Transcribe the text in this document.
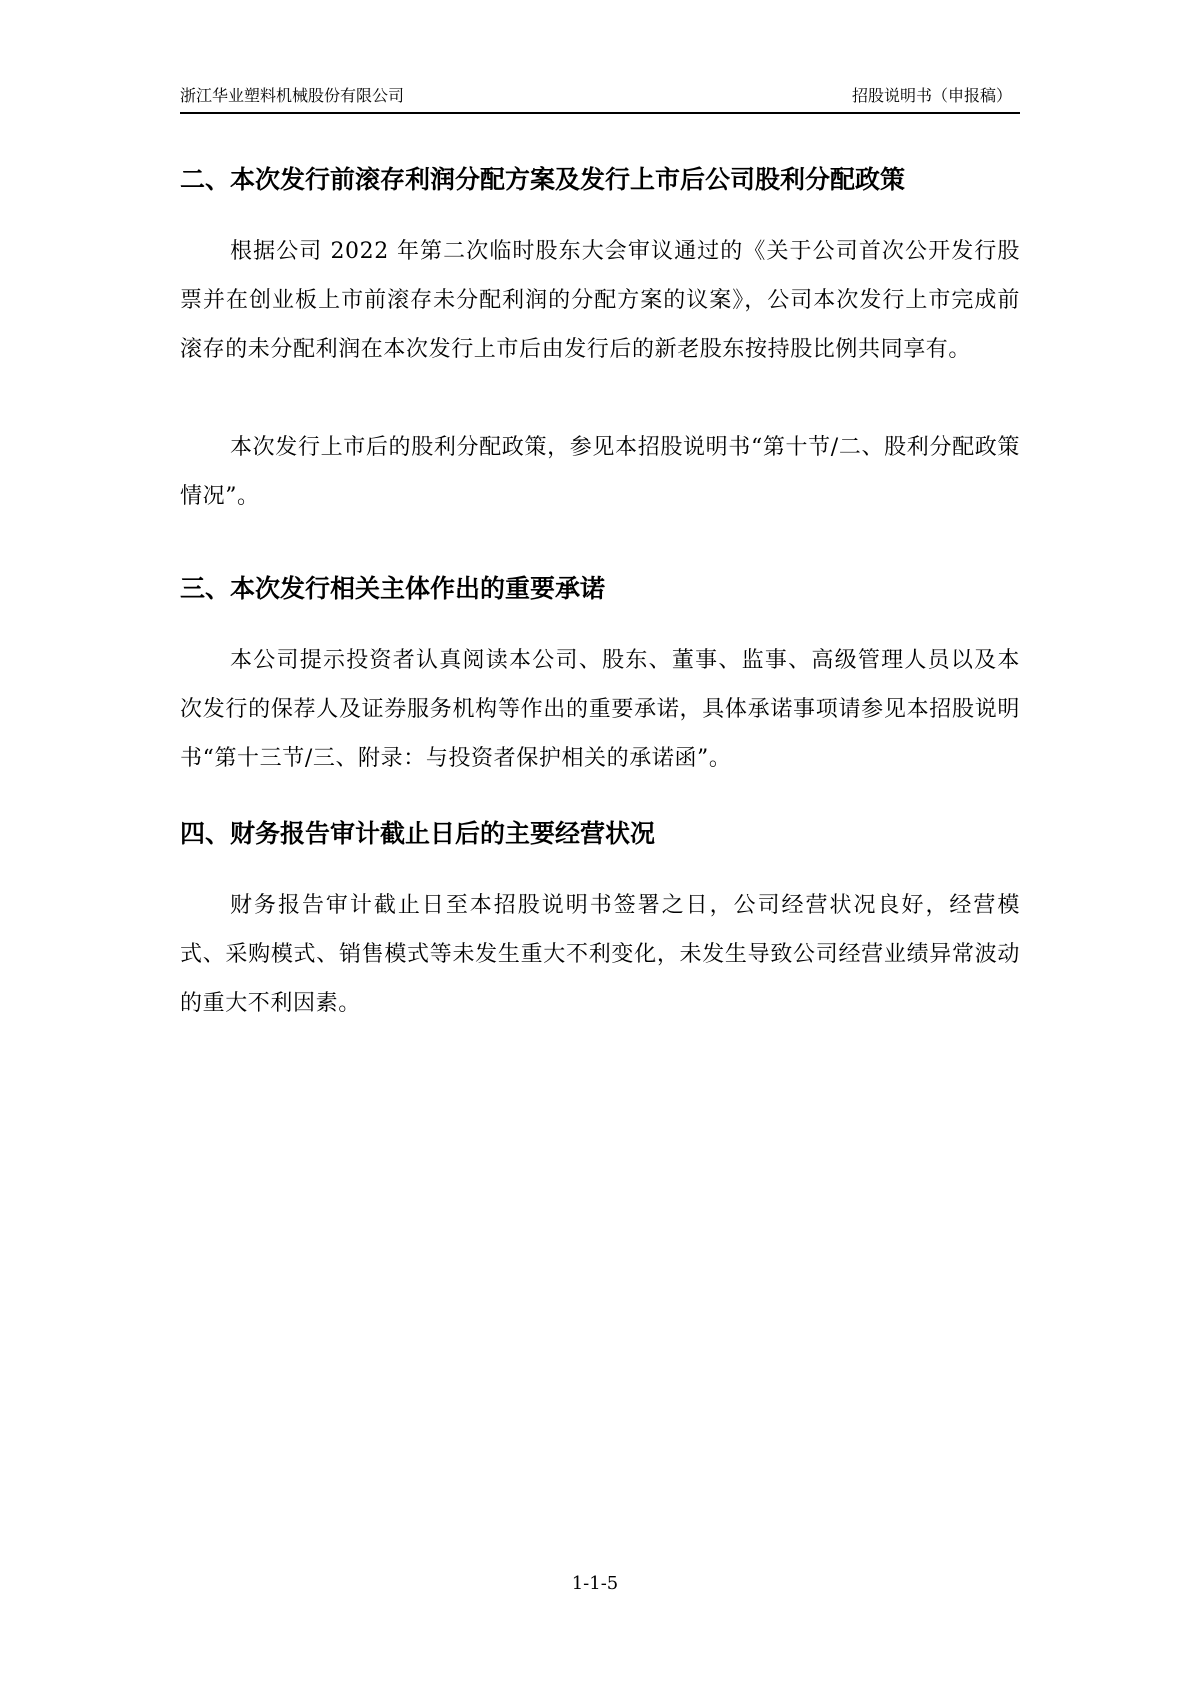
浙江华业塑料机械股份有限公司	招股说明书（申报稿）
二、本次发行前滚存利润分配方案及发行上市后公司股利分配政策

根据公司 2022 年第二次临时股东大会审议通过的《关于公司首次公开发行股票并在创业板上市前滚存未分配利润的分配方案的议案》，公司本次发行上市完成前滚存的未分配利润在本次发行上市后由发行后的新老股东按持股比例共同享有。

本次发行上市后的股利分配政策，参见本招股说明书“第十节/二、股利分配政策情况”。

三、本次发行相关主体作出的重要承诺

本公司提示投资者认真阅读本公司、股东、董事、监事、高级管理人员以及本次发行的保荐人及证券服务机构等作出的重要承诺，具体承诺事项请参见本招股说明书“第十三节/三、附录：与投资者保护相关的承诺函”。

四、财务报告审计截止日后的主要经营状况

财务报告审计截止日至本招股说明书签署之日，公司经营状况良好，经营模式、采购模式、销售模式等未发生重大不利变化，未发生导致公司经营业绩异常波动的重大不利因素。

1-1-5
